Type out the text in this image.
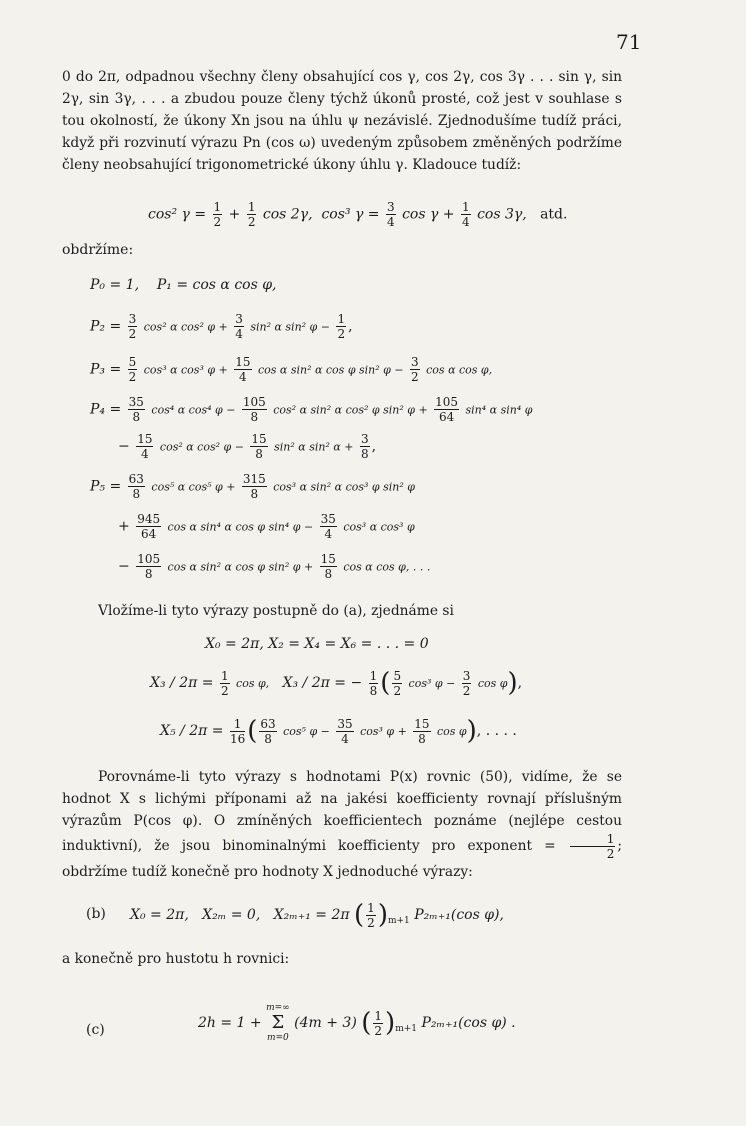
71
0 do 2π, odpadnou všechny členy obsahující cos γ, cos 2γ, cos 3γ . . . sin γ, sin 2γ, sin 3γ, . . . a zbudou pouze členy týchž úkonů prosté, což jest v souhlase s tou okolností, že úkony Xn jsou na úhlu ψ nezávislé. Zjednodušíme tudíž práci, když při rozvinutí výrazu Pn (cos ω) uvedeným způsobem změněných podržíme členy neobsahující trigonometrické úkony úhlu γ. Kladouce tudíž:
cos² $\gamma = \frac{1}{2} + \frac{1}{2}$ cos 2γ, cos³ $\gamma = \frac{3}{4}$ $\cos \gamma + \frac{1}{4}$ cos 3γ, atd.
obdržíme:
P₀ = 1, P₁ = cos α cos φ,
$P_2 = \frac{3}{2} \cos^2$ α cos² $\varphi + \frac{3}{4} \sin^2$ α sin² $\varphi - \frac{1}{2}$ ,
$P_3 = \frac{5}{2} \cos^3$ α cos³ $\varphi + \frac{15}{4}$ cos α sin² α cos φ sin² $\varphi - \frac{3}{2}$ cos α cos φ,
$P_4 = \frac{35}{8} \cos^4$ α cos⁴ $\varphi - \frac{105}{8} \cos^2$ α sin² α cos² φ sin² $\varphi + \frac{105}{64} \sin^4$ α sin⁴ φ
− $\frac{15}{4} \cos^2$ α cos² $\varphi - \frac{15}{8} \sin^2$ α sin² $\alpha + \frac{3}{8}$ ,
$P_5 = \frac{63}{8} \cos^5$ α cos⁵ $\varphi + \frac{315}{8} \cos^3$ α sin² α cos³ φ sin² φ
+ $\frac{945}{64}$ cos α sin⁴ α cos φ sin⁴ $\varphi - \frac{35}{4} \cos^3$ α cos³ φ
− $\frac{105}{8}$ cos α sin² α cos φ sin² $\varphi + \frac{15}{8}$ cos α cos φ, . . .
Vložíme-li tyto výrazy postupně do (a), zjednáme si
X₀ = 2π, X₂ = X₄ = X₆ = . . . = 0
$X_3 / 2\pi = \frac{1}{2}$ cos φ, X₃ / 2π = − $\frac{1}{8}$ ( $\frac{5}{2} \cos^3$ $\varphi - \frac{3}{2}$ cos φ),
$X_5 / 2\pi = \frac{1}{16}$ ( $\frac{63}{8} \cos^5$ $\varphi - \frac{35}{4} \cos^3$ $\varphi + \frac{15}{8}$ cos φ), . . . .
Porovnáme-li tyto výrazy s hodnotami P(x) rovnic (50), vidíme, že se hodnot X s lichými příponami až na jakési koefficienty rovnají příslušným výrazům P(cos φ). O zmíněných koefficientech poznáme (nejlépe cestou induktivní), že jsou binominalnými koefficienty pro exponent = $\frac{1}{2}$ ; obdržíme tudíž konečně pro hodnoty X jednoduché výrazy:
(b) X₀ = 2π, X₂ₘ = 0, X₂ₘ₊₁ = 2π ( $\frac{1}{2} )_{m+1}$ P₂ₘ₊₁(cos φ),
a konečně pro hustotu h rovnici:
(c)	2h = 1 +
m=∞
Σ
m=0
(4m + 3) ( $\frac{1}{2} )_{m+1}$ P₂ₘ₊₁(cos φ) .
